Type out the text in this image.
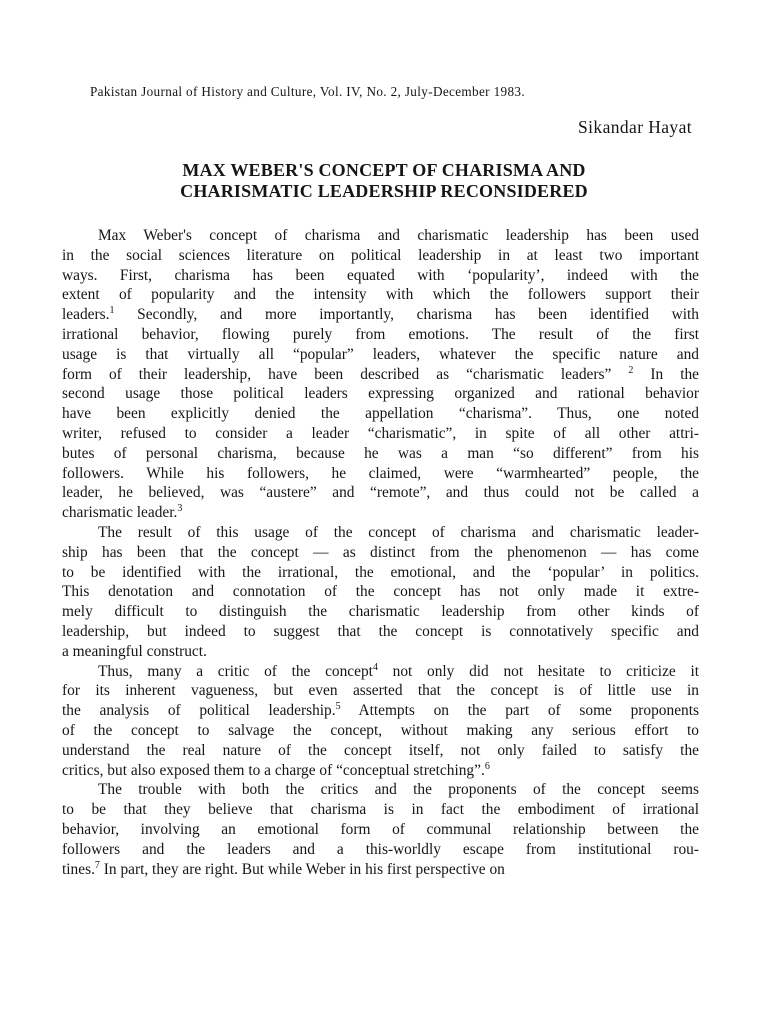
Pakistan Journal of History and Culture, Vol. IV, No. 2, July-December 1983.
Sikandar Hayat
MAX WEBER'S CONCEPT OF CHARISMA AND
CHARISMATIC LEADERSHIP RECONSIDERED
Max Weber's concept of charisma and charismatic leadership has been used
in the social sciences literature on political leadership in at least two important
ways. First, charisma has been equated with ‘popularity’, indeed with the
extent of popularity and the intensity with which the followers support their
leaders.$^1$ Secondly, and more importantly, charisma has been identified with
irrational behavior, flowing purely from emotions. The result of the first
usage is that virtually all “popular” leaders, whatever the specific nature and
form of their leadership, have been described as “charismatic leaders” $^2$ In the
second usage those political leaders expressing organized and rational behavior
have been explicitly denied the appellation “charisma”. Thus, one noted
writer, refused to consider a leader “charismatic”, in spite of all other attri-
butes of personal charisma, because he was a man “so different” from his
followers. While his followers, he claimed, were “warmhearted” people, the
leader, he believed, was “austere” and “remote”, and thus could not be called a
charismatic leader.$^3$
The result of this usage of the concept of charisma and charismatic leader-
ship has been that the concept — as distinct from the phenomenon — has come
to be identified with the irrational, the emotional, and the ‘popular’ in politics.
This denotation and connotation of the concept has not only made it extre-
mely difficult to distinguish the charismatic leadership from other kinds of
leadership, but indeed to suggest that the concept is connotatively specific and
a meaningful construct.
Thus, many a critic of the concept$^4$ not only did not hesitate to criticize it
for its inherent vagueness, but even asserted that the concept is of little use in
the analysis of political leadership.$^5$ Attempts on the part of some proponents
of the concept to salvage the concept, without making any serious effort to
understand the real nature of the concept itself, not only failed to satisfy the
critics, but also exposed them to a charge of “conceptual stretching”.$^6$
The trouble with both the critics and the proponents of the concept seems
to be that they believe that charisma is in fact the embodiment of irrational
behavior, involving an emotional form of communal relationship between the
followers and the leaders and a this-worldly escape from institutional rou-
tines.$^7$ In part, they are right. But while Weber in his first perspective on
